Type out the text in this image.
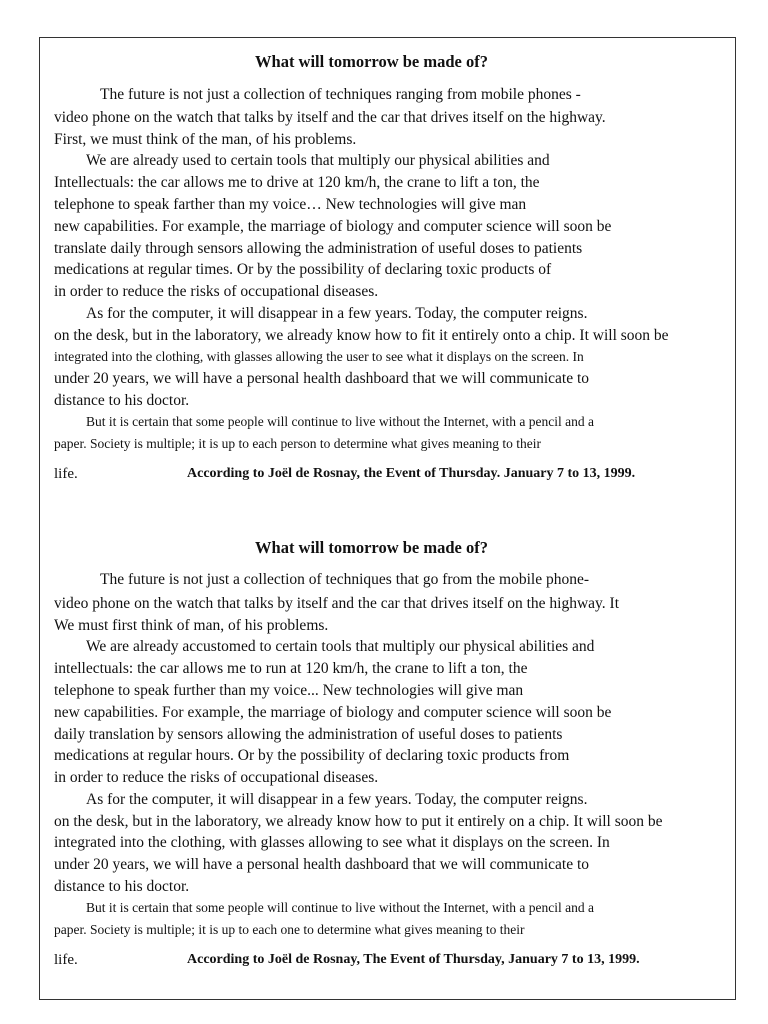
What will tomorrow be made of?
The future is not just a collection of techniques ranging from mobile phones -
video phone on the watch that talks by itself and the car that drives itself on the highway.
First, we must think of the man, of his problems.
We are already used to certain tools that multiply our physical abilities and
Intellectuals: the car allows me to drive at 120 km/h, the crane to lift a ton, the
telephone to speak farther than my voice… New technologies will give man
new capabilities. For example, the marriage of biology and computer science will soon be
translate daily through sensors allowing the administration of useful doses to patients
medications at regular times. Or by the possibility of declaring toxic products of
in order to reduce the risks of occupational diseases.
As for the computer, it will disappear in a few years. Today, the computer reigns.
on the desk, but in the laboratory, we already know how to fit it entirely onto a chip. It will soon be
integrated into the clothing, with glasses allowing the user to see what it displays on the screen. In
under 20 years, we will have a personal health dashboard that we will communicate to
distance to his doctor.
But it is certain that some people will continue to live without the Internet, with a pencil and a
paper. Society is multiple; it is up to each person to determine what gives meaning to their
life.	According to Joël de Rosnay, the Event of Thursday. January 7 to 13, 1999.
What will tomorrow be made of?
The future is not just a collection of techniques that go from the mobile phone-
video phone on the watch that talks by itself and the car that drives itself on the highway. It
We must first think of man, of his problems.
We are already accustomed to certain tools that multiply our physical abilities and
intellectuals: the car allows me to run at 120 km/h, the crane to lift a ton, the
telephone to speak further than my voice... New technologies will give man
new capabilities. For example, the marriage of biology and computer science will soon be
daily translation by sensors allowing the administration of useful doses to patients
medications at regular hours. Or by the possibility of declaring toxic products from
in order to reduce the risks of occupational diseases.
As for the computer, it will disappear in a few years. Today, the computer reigns.
on the desk, but in the laboratory, we already know how to put it entirely on a chip. It will soon be
integrated into the clothing, with glasses allowing to see what it displays on the screen. In
under 20 years, we will have a personal health dashboard that we will communicate to
distance to his doctor.
But it is certain that some people will continue to live without the Internet, with a pencil and a
paper. Society is multiple; it is up to each one to determine what gives meaning to their
life.	According to Joël de Rosnay, The Event of Thursday, January 7 to 13, 1999.
